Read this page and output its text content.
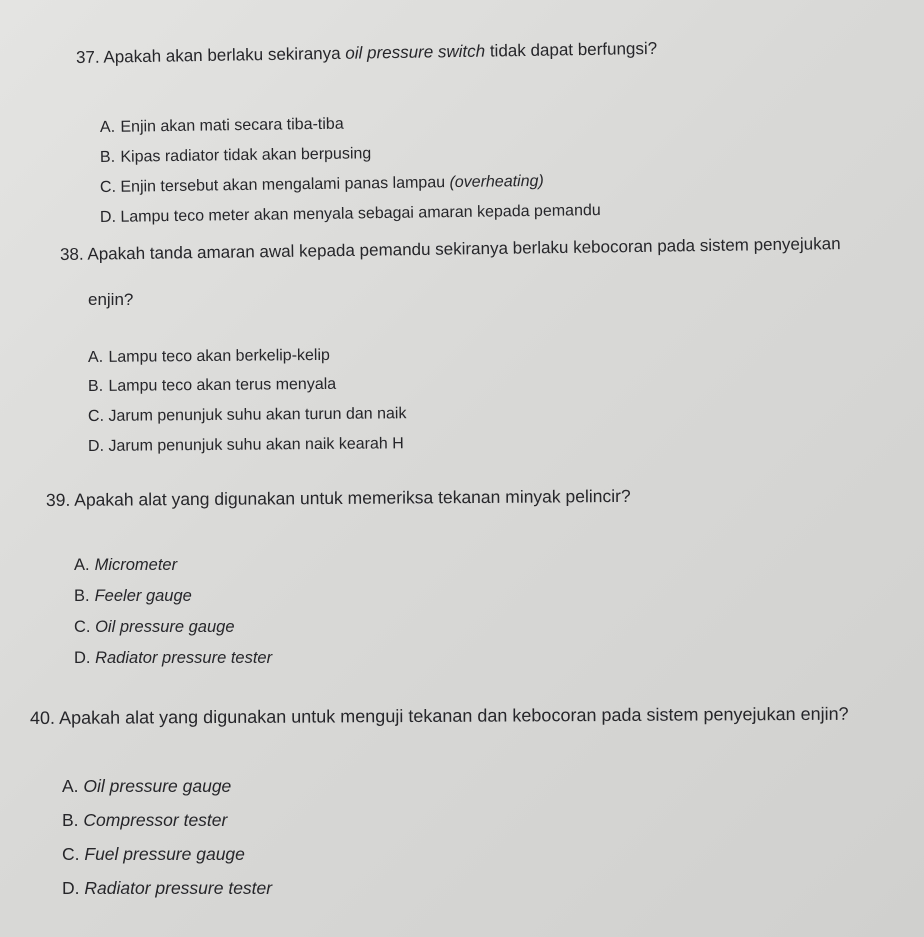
37. Apakah akan berlaku sekiranya oil pressure switch tidak dapat berfungsi?
A. Enjin akan mati secara tiba-tiba
B. Kipas radiator tidak akan berpusing
C. Enjin tersebut akan mengalami panas lampau (overheating)
D. Lampu teco meter akan menyala sebagai amaran kepada pemandu
38. Apakah tanda amaran awal kepada pemandu sekiranya berlaku kebocoran pada sistem penyejukan
enjin?
A. Lampu teco akan berkelip-kelip
B. Lampu teco akan terus menyala
C. Jarum penunjuk suhu akan turun dan naik
D. Jarum penunjuk suhu akan naik kearah H
39. Apakah alat yang digunakan untuk memeriksa tekanan minyak pelincir?
A. Micrometer
B. Feeler gauge
C. Oil pressure gauge
D. Radiator pressure tester
40. Apakah alat yang digunakan untuk menguji tekanan dan kebocoran pada sistem penyejukan enjin?
A. Oil pressure gauge
B. Compressor tester
C. Fuel pressure gauge
D. Radiator pressure tester
